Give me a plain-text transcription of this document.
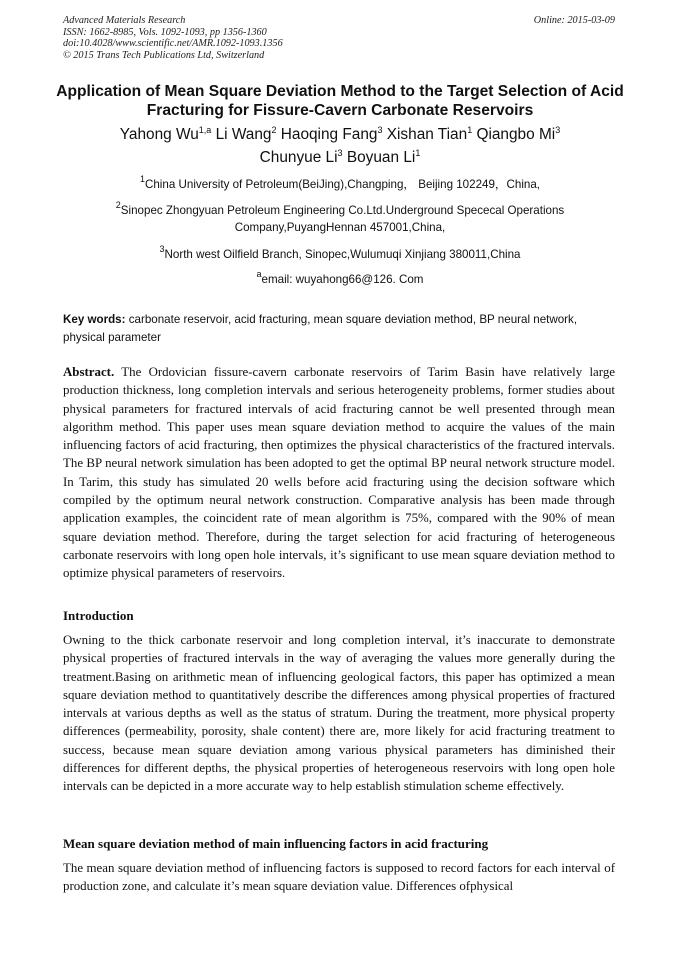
Advanced Materials Research
ISSN: 1662-8985, Vols. 1092-1093, pp 1356-1360
doi:10.4028/www.scientific.net/AMR.1092-1093.1356
© 2015 Trans Tech Publications Ltd, Switzerland
Online: 2015-03-09
Application of Mean Square Deviation Method to the Target Selection of Acid Fracturing for Fissure-Cavern Carbonate Reservoirs
Yahong Wu$^{1,a}$ Li Wang$^2$ Haoqing Fang$^3$ Xishan Tian$^1$ Qiangbo Mi$^3$
Chunyue Li$^3$ Boyuan Li$^1$
$^1$China University of Petroleum(BeiJing),Changping， Beijing 102249，China,
$^2$Sinopec Zhongyuan Petroleum Engineering Co.Ltd.Underground Spececal Operations Company,PuyangHennan 457001,China,
$^3$North west Oilfield Branch, Sinopec,Wulumuqi Xinjiang 380011,China
$^a$email: wuyahong66@126. Com
Key words: carbonate reservoir, acid fracturing, mean square deviation method, BP neural network, physical parameter
Abstract. The Ordovician fissure-cavern carbonate reservoirs of Tarim Basin have relatively large production thickness, long completion intervals and serious heterogeneity problems, former studies about physical parameters for fractured intervals of acid fracturing cannot be well presented through mean algorithm method. This paper uses mean square deviation method to acquire the values of the main influencing factors of acid fracturing, then optimizes the physical characteristics of the fractured intervals. The BP neural network simulation has been adopted to get the optimal BP neural network structure model. In Tarim, this study has simulated 20 wells before acid fracturing using the decision software which compiled by the optimum neural network construction. Comparative analysis has been made through application examples, the coincident rate of mean algorithm is 75%, compared with the 90% of mean square deviation method. Therefore, during the target selection for acid fracturing of heterogeneous carbonate reservoirs with long open hole intervals, it’s significant to use mean square deviation method to optimize physical parameters of reservoirs.
Introduction
Owning to the thick carbonate reservoir and long completion interval, it’s inaccurate to demonstrate physical properties of fractured intervals in the way of averaging the values more generally during the treatment.Basing on arithmetic mean of influencing geological factors, this paper has optimized a mean square deviation method to quantitatively describe the differences among physical properties of fractured intervals at various depths as well as the status of stratum. During the treatment, more physical property differences (permeability, porosity, shale content) there are, more likely for acid fracturing treatment to success, because mean square deviation among various physical parameters has diminished their differences for different depths, the physical properties of heterogeneous reservoirs with long open hole intervals can be depicted in a more accurate way to help establish stimulation scheme effectively.
Mean square deviation method of main influencing factors in acid fracturing
The mean square deviation method of influencing factors is supposed to record factors for each interval of production zone, and calculate it’s mean square deviation value. Differences ofphysical
